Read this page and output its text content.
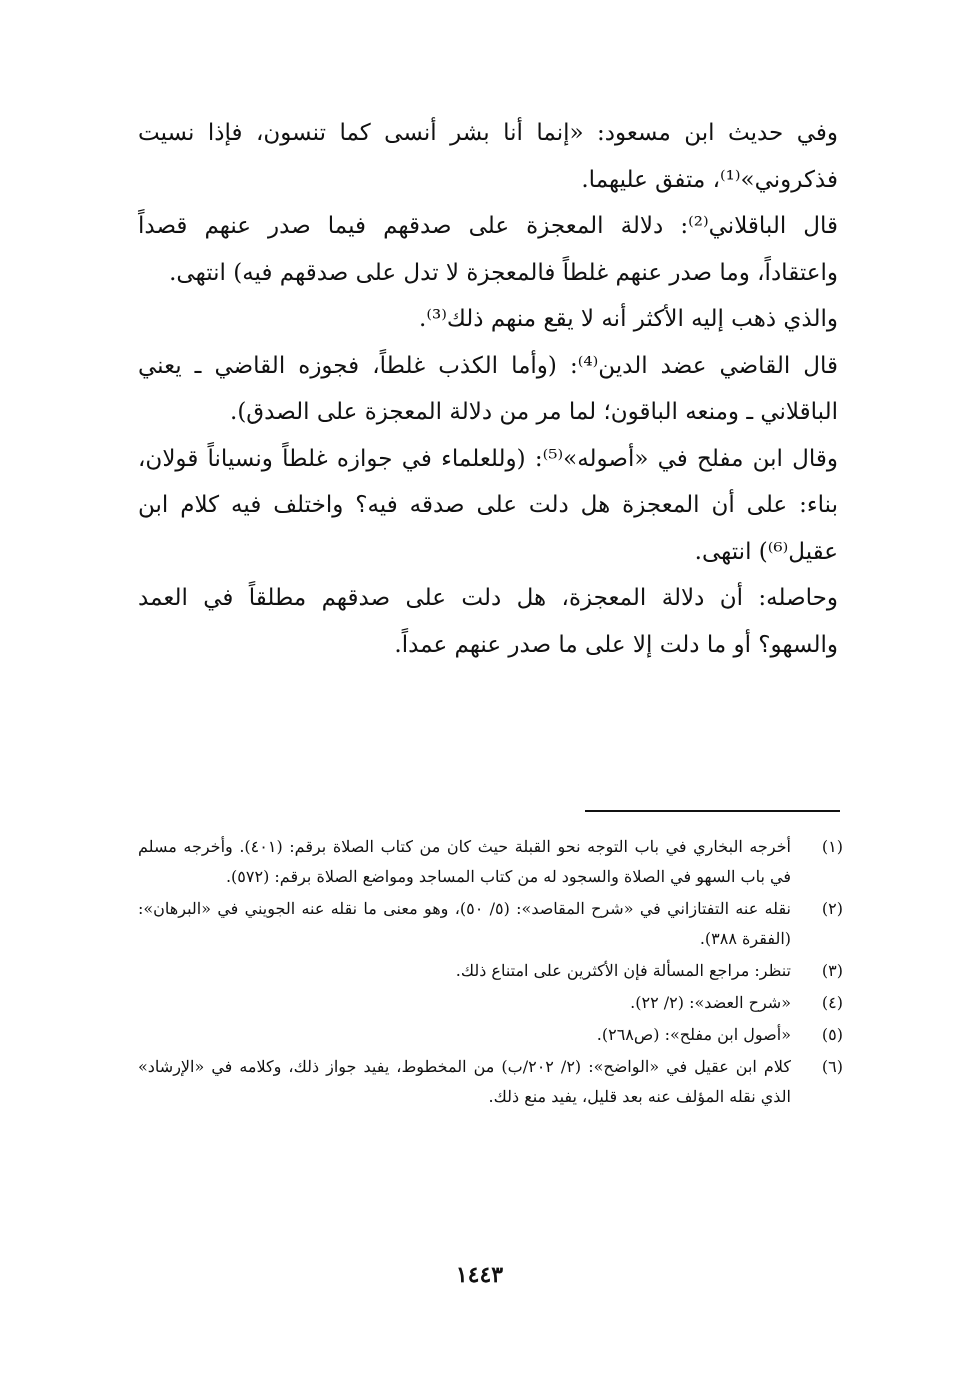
وفي حديث ابن مسعود: «إنما أنا بشر أنسى كما تنسون، فإذا نسيت فذكروني»⁽¹⁾، متفق عليهما.

قال الباقلاني⁽²⁾: دلالة المعجزة على صدقهم فيما صدر عنهم قصداً واعتقاداً، وما صدر عنهم غلطاً فالمعجزة لا تدل على صدقهم فيه) انتهى.

والذي ذهب إليه الأكثر أنه لا يقع منهم ذلك⁽³⁾.

قال القاضي عضد الدين⁽⁴⁾: (وأما الكذب غلطاً، فجوزه القاضي ـ يعني الباقلاني ـ ومنعه الباقون؛ لما مر من دلالة المعجزة على الصدق).

وقال ابن مفلح في «أصوله»⁽⁵⁾: (وللعلماء في جوازه غلطاً ونسياناً قولان، بناء: على أن المعجزة هل دلت على صدقه فيه؟ واختلف فيه كلام ابن عقيل⁽⁶⁾) انتهى.

وحاصله: أن دلالة المعجزة، هل دلت على صدقهم مطلقاً في العمد والسهو؟ أو ما دلت إلا على ما صدر عنهم عمداً.

(١)
أخرجه البخاري في باب التوجه نحو القبلة حيث كان من كتاب الصلاة برقم: (٤٠١). وأخرجه مسلم في باب السهو في الصلاة والسجود له من كتاب المساجد ومواضع الصلاة برقم: (٥٧٢).
(٢)
نقله عنه التفتازاني في «شرح المقاصد»: (٥/ ٥٠)، وهو معنى ما نقله عنه الجويني في «البرهان»: (الفقرة ٣٨٨).
(٣)
تنظر: مراجع المسألة فإن الأكثرين على امتناع ذلك.
(٤)
«شرح العضد»: (٢/ ٢٢).
(٥)
«أصول ابن مفلح»: (ص٢٦٨).
(٦)
كلام ابن عقيل في «الواضح»: (٢/ ٢٠٢/ب) من المخطوط، يفيد جواز ذلك، وكلامه في «الإرشاد» الذي نقله المؤلف عنه بعد قليل، يفيد منع ذلك.
١٤٤٣
